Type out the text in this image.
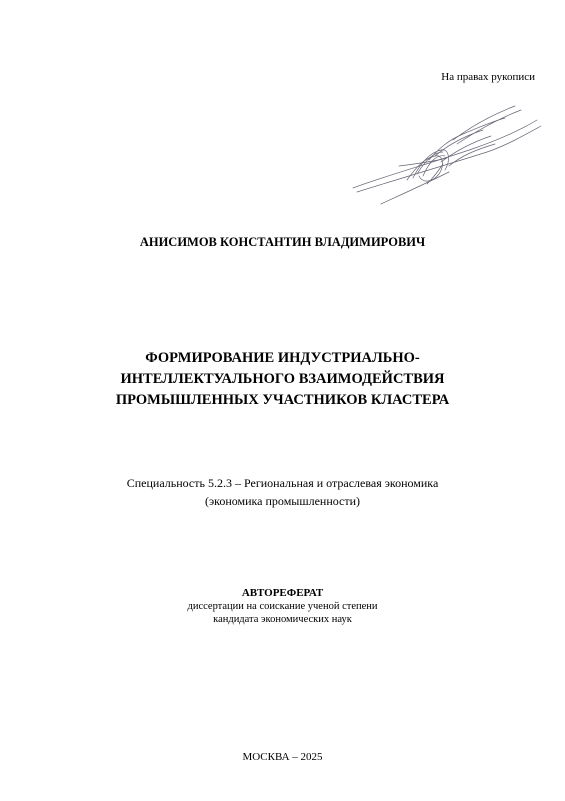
На правах рукописи
АНИСИМОВ КОНСТАНТИН ВЛАДИМИРОВИЧ
ФОРМИРОВАНИЕ ИНДУСТРИАЛЬНО-
ИНТЕЛЛЕКТУАЛЬНОГО ВЗАИМОДЕЙСТВИЯ
ПРОМЫШЛЕННЫХ УЧАСТНИКОВ КЛАСТЕРА
Специальность 5.2.3 – Региональная и отраслевая экономика
(экономика промышленности)
АВТОРЕФЕРАТ
диссертации на соискание ученой степени
кандидата экономических наук
МОСКВА – 2025
